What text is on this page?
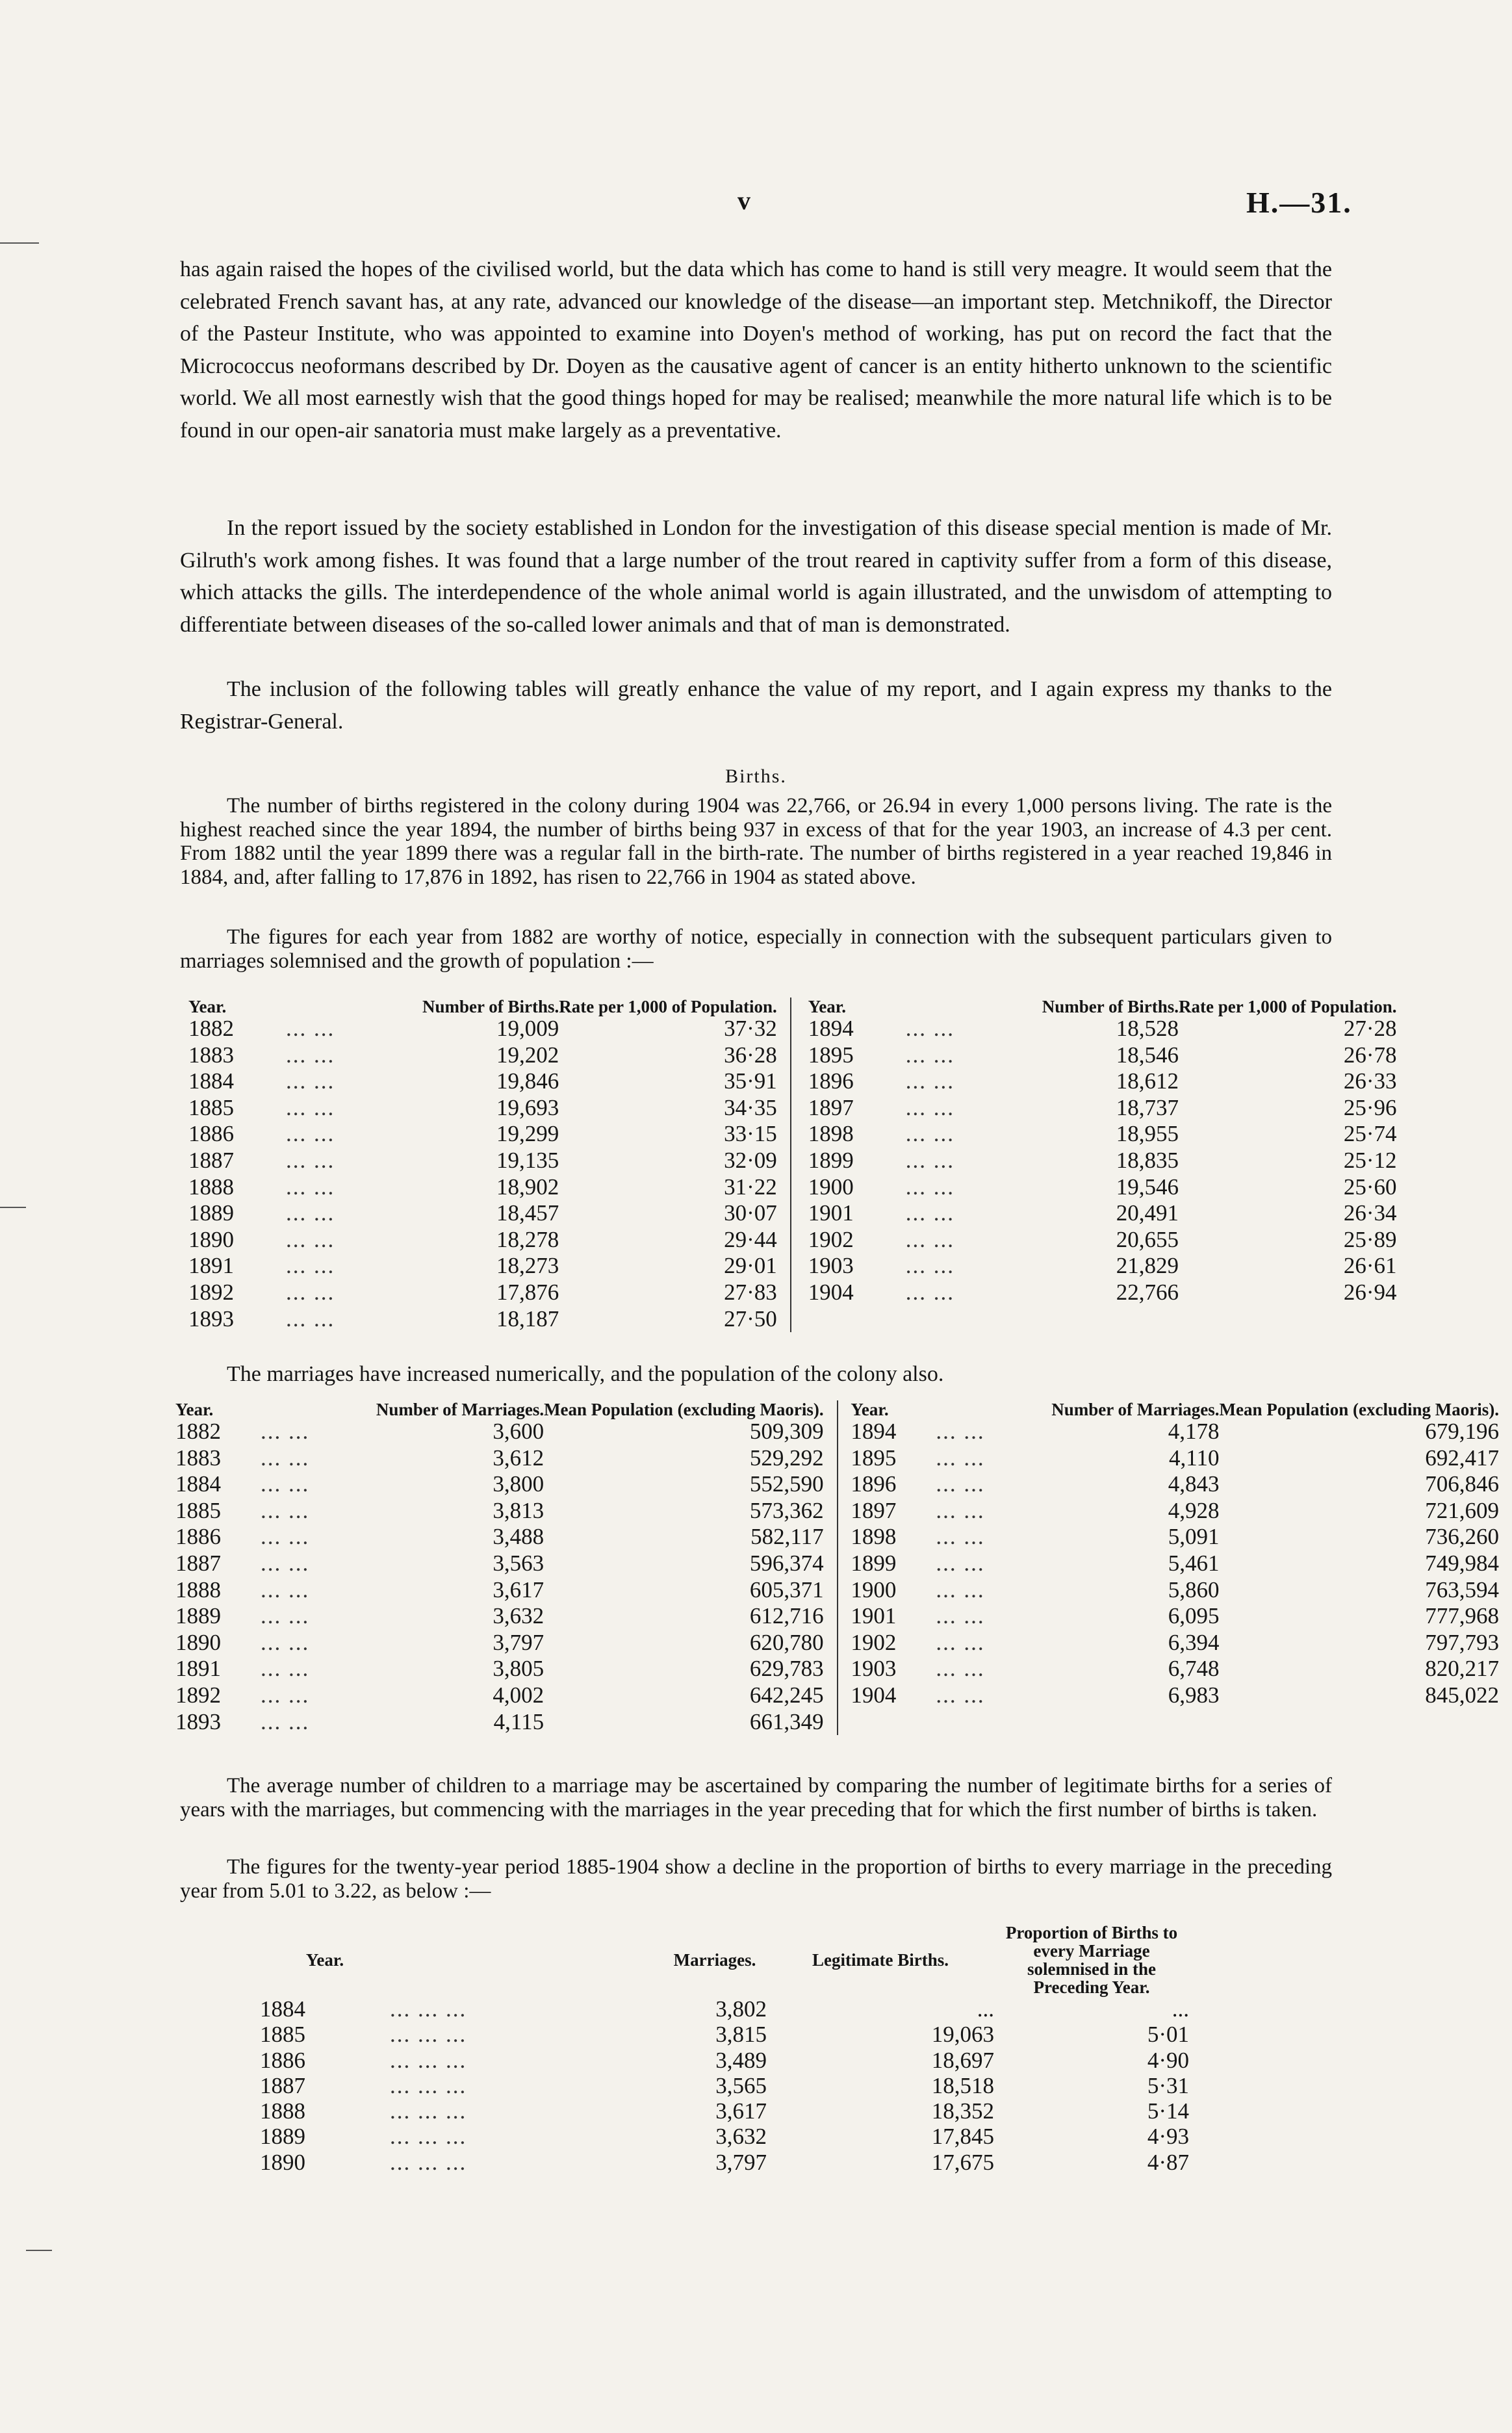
v	H.—31.

has again raised the hopes of the civilised world, but the data which has come to hand is still very meagre. It would seem that the celebrated French savant has, at any rate, advanced our knowledge of the disease—an important step. Metchnikoff, the Director of the Pasteur Institute, who was appointed to examine into Doyen's method of working, has put on record the fact that the Micrococcus neoformans described by Dr. Doyen as the causative agent of cancer is an entity hitherto unknown to the scientific world. We all most earnestly wish that the good things hoped for may be realised; meanwhile the more natural life which is to be found in our open-air sanatoria must make largely as a preventative.

In the report issued by the society established in London for the investigation of this disease special mention is made of Mr. Gilruth's work among fishes. It was found that a large number of the trout reared in captivity suffer from a form of this disease, which attacks the gills. The interdependence of the whole animal world is again illustrated, and the unwisdom of attempting to differentiate between diseases of the so-called lower animals and that of man is demonstrated.

The inclusion of the following tables will greatly enhance the value of my report, and I again express my thanks to the Registrar-General.

Births.

The number of births registered in the colony during 1904 was 22,766, or 26.94 in every 1,000 persons living. The rate is the highest reached since the year 1894, the number of births being 937 in excess of that for the year 1903, an increase of 4.3 per cent. From 1882 until the year 1899 there was a regular fall in the birth-rate. The number of births registered in a year reached 19,846 in 1884, and, after falling to 17,876 in 1892, has risen to 22,766 in 1904 as stated above.

The figures for each year from 1882 are worthy of notice, especially in connection with the subsequent particulars given to marriages solemnised and the growth of population :—

Year.		Number of Births.	Rate per 1,000 of Population.		Year.		Number of Births.	Rate per 1,000 of Population.
1882	... ...	19,009	37·32		1894	... ...	18,528	27·28
1883	... ...	19,202	36·28		1895	... ...	18,546	26·78
1884	... ...	19,846	35·91		1896	... ...	18,612	26·33
1885	... ...	19,693	34·35		1897	... ...	18,737	25·96
1886	... ...	19,299	33·15		1898	... ...	18,955	25·74
1887	... ...	19,135	32·09		1899	... ...	18,835	25·12
1888	... ...	18,902	31·22		1900	... ...	19,546	25·60
1889	... ...	18,457	30·07		1901	... ...	20,491	26·34
1890	... ...	18,278	29·44		1902	... ...	20,655	25·89
1891	... ...	18,273	29·01		1903	... ...	21,829	26·61
1892	... ...	17,876	27·83		1904	... ...	22,766	26·94
1893	... ...	18,187	27·50					

The marriages have increased numerically, and the population of the colony also.

Year.		Number of Marriages.	Mean Population (excluding Maoris).		Year.		Number of Marriages.	Mean Population (excluding Maoris).
1882	... ...	3,600	509,309		1894	... ...	4,178	679,196
1883	... ...	3,612	529,292		1895	... ...	4,110	692,417
1884	... ...	3,800	552,590		1896	... ...	4,843	706,846
1885	... ...	3,813	573,362		1897	... ...	4,928	721,609
1886	... ...	3,488	582,117		1898	... ...	5,091	736,260
1887	... ...	3,563	596,374		1899	... ...	5,461	749,984
1888	... ...	3,617	605,371		1900	... ...	5,860	763,594
1889	... ...	3,632	612,716		1901	... ...	6,095	777,968
1890	... ...	3,797	620,780		1902	... ...	6,394	797,793
1891	... ...	3,805	629,783		1903	... ...	6,748	820,217
1892	... ...	4,002	642,245		1904	... ...	6,983	845,022
1893	... ...	4,115	661,349					

The average number of children to a marriage may be ascertained by comparing the number of legitimate births for a series of years with the marriages, but commencing with the marriages in the year preceding that for which the first number of births is taken.

The figures for the twenty-year period 1885-1904 show a decline in the proportion of births to every marriage in the preceding year from 5.01 to 3.22, as below :—

Year.		Marriages.	Legitimate Births.	Proportion of Births to every Marriage solemnised in the Preceding Year.
1884	... ... ...	3,802	...	...
1885	... ... ...	3,815	19,063	5·01
1886	... ... ...	3,489	18,697	4·90
1887	... ... ...	3,565	18,518	5·31
1888	... ... ...	3,617	18,352	5·14
1889	... ... ...	3,632	17,845	4·93
1890	... ... ...	3,797	17,675	4·87
